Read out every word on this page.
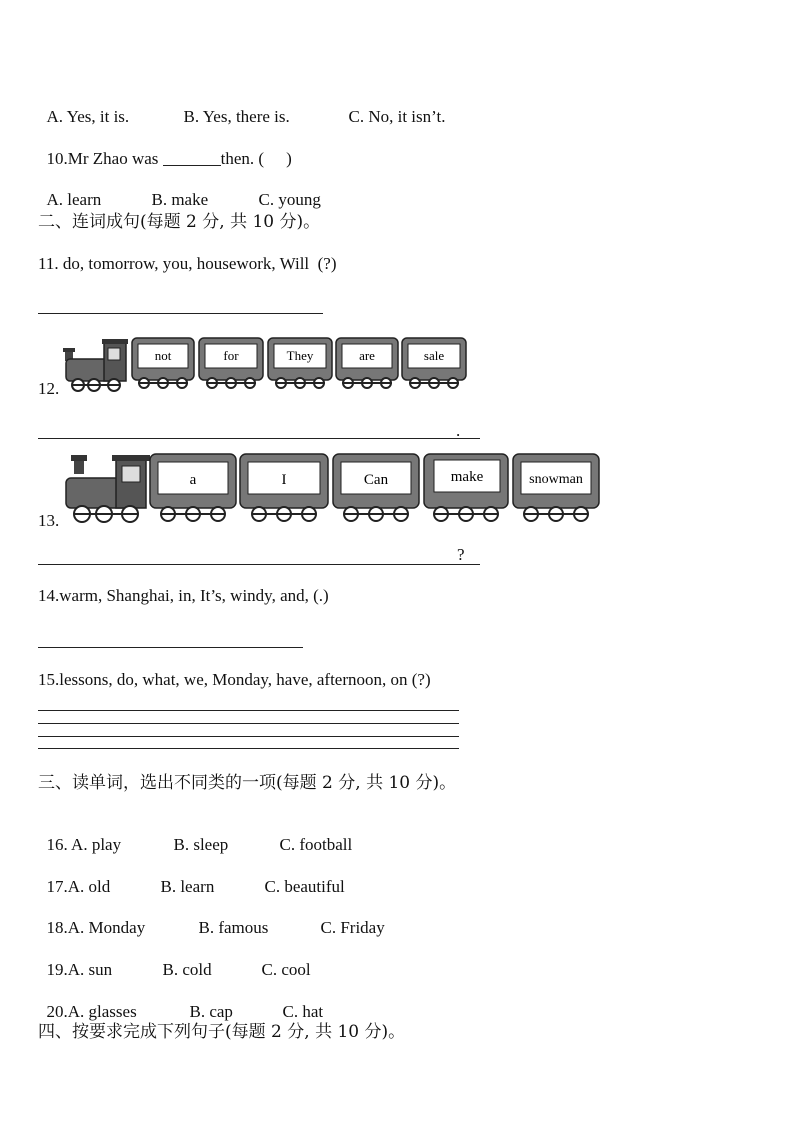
A. Yes, it is.	B. Yes, there is.	C. No, it isn’t.

10.Mr Zhao was	then. ( )

A. learn	B. make	C. young

二、连词成句(每题 2 分, 共 10 分)。
11. do, tomorrow, you, housework, Will  (?)
12.
not	for	They	are	sale
.
13.
a	I	Can	make	snowman
?
14.warm, Shanghai, in, It’s, windy, and, (.)
15.lessons, do, what, we, Monday, have, afternoon, on (?)
三、读单词，选出不同类的一项(每题 2 分, 共 10 分)。

16. A. play	B. sleep	C. football

17.A. old	B. learn	C. beautiful

18.A. Monday	B. famous	C. Friday

19.A. sun	B. cold	C. cool

20.A. glasses	B. cap	C. hat

四、按要求完成下列句子(每题 2 分, 共 10 分)。
